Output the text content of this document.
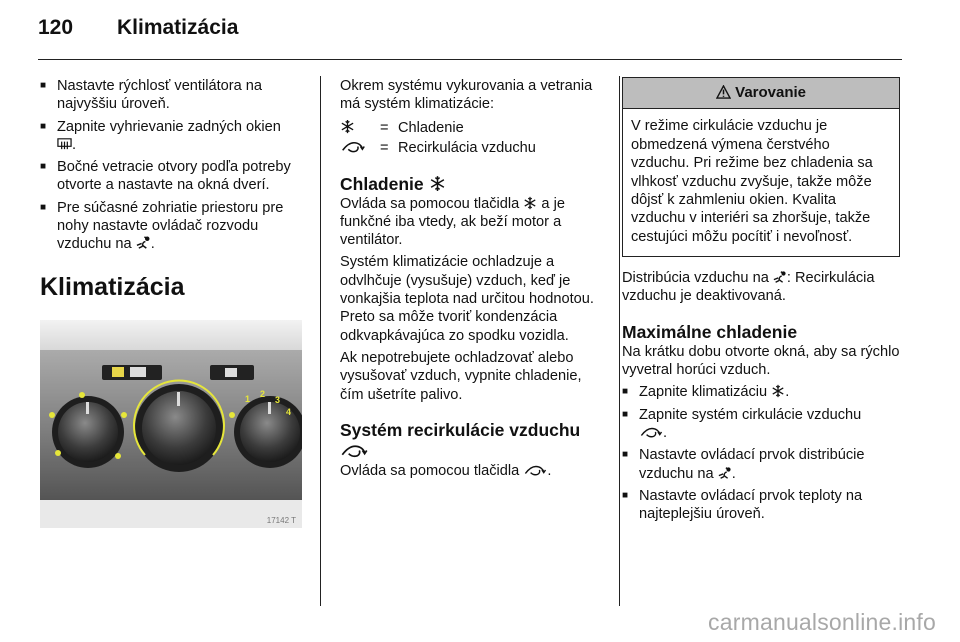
120	Klimatizácia
■ Nastavte rýchlosť ventilátora na najvyššiu úroveň.
■ Zapnite vyhrievanie zadných okien
.
■ Bočné vetracie otvory podľa potreby otvorte a nastavte na okná dverí.
■ Pre súčasné zohriatie priestoru pre nohy nastavte ovládač rozvodu vzduchu na .
Klimatizácia
1 2
3
4
17142 T

Okrem systému vykurovania a vetrania má systém klimatizácie:

= Chladenie
= Recirkulácia vzduchu
Chladenie

Ovláda sa pomocou tlačidla a je funkčné iba vtedy, ak beží motor a ventilátor.

Systém klimatizácie ochladzuje a odvlhčuje (vysušuje) vzduch, keď je vonkajšia teplota nad určitou hodnotou. Preto sa môže tvoriť kondenzácia odkvapkávajúca zo spodku vozidla.

Ak nepotrebujete ochladzovať alebo vysušovať vzduch, vypnite chladenie, čím ušetríte palivo.

Systém recirkulácie vzduchu

Ovláda sa pomocou tlačidla .

Varovanie
V režime cirkulácie vzduchu je obmedzená výmena čerstvého vzduchu. Pri režime bez chladenia sa vlhkosť vzduchu zvyšuje, takže môže dôjsť k zahmleniu okien. Kvalita vzduchu v interiéri sa zhoršuje, takže cestujúci môžu pocítiť i nevoľnosť.

Distribúcia vzduchu na : Recirkulácia vzduchu je deaktivovaná.

Maximálne chladenie

Na krátku dobu otvorte okná, aby sa rýchlo vyvetral horúci vzduch.

■ Zapnite klimatizáciu .
■ Zapnite systém cirkulácie vzduchu
.
■ Nastavte ovládací prvok distribúcie vzduchu na .
■ Nastavte ovládací prvok teploty na najteplejšiu úroveň.
carmanualsonline.info
